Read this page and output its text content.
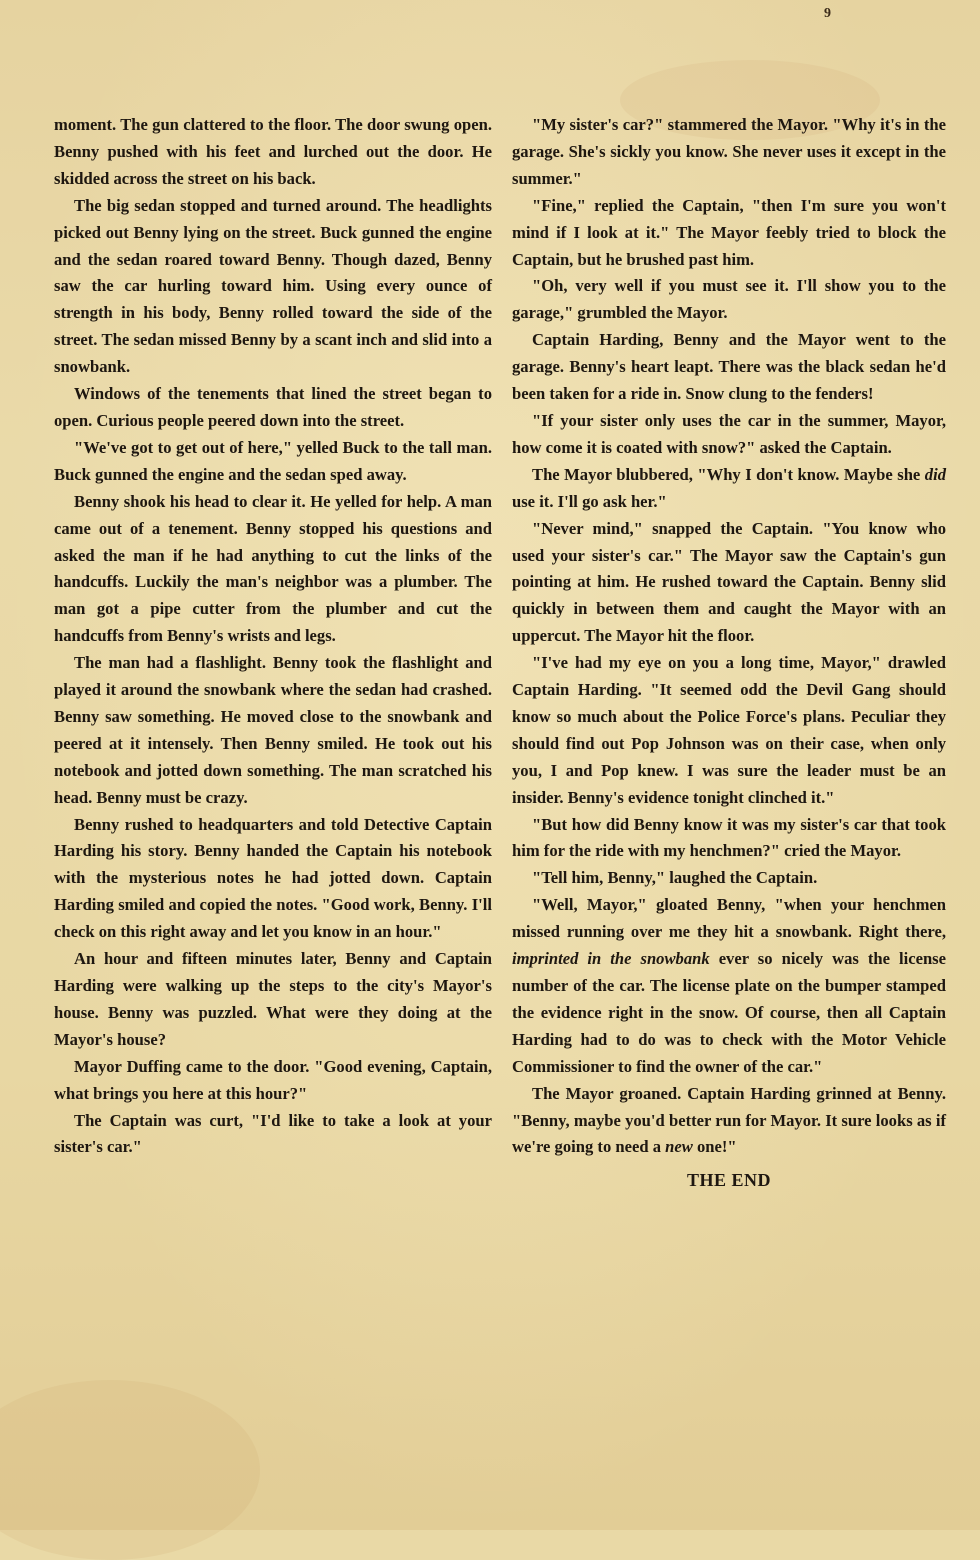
9

moment. The gun clattered to the floor. The door swung open. Benny pushed with his feet and lurched out the door. He skidded across the street on his back.

The big sedan stopped and turned around. The headlights picked out Benny lying on the street. Buck gunned the engine and the sedan roared toward Benny. Though dazed, Benny saw the car hurling toward him. Using every ounce of strength in his body, Benny rolled toward the side of the street. The sedan missed Benny by a scant inch and slid into a snowbank.

Windows of the tenements that lined the street began to open. Curious people peered down into the street.

"We've got to get out of here," yelled Buck to the tall man. Buck gunned the engine and the sedan sped away.

Benny shook his head to clear it. He yelled for help. A man came out of a tenement. Benny stopped his questions and asked the man if he had anything to cut the links of the handcuffs. Luckily the man's neighbor was a plumber. The man got a pipe cutter from the plumber and cut the handcuffs from Benny's wrists and legs.

The man had a flashlight. Benny took the flashlight and played it around the snowbank where the sedan had crashed. Benny saw something. He moved close to the snowbank and peered at it intensely. Then Benny smiled. He took out his notebook and jotted down something. The man scratched his head. Benny must be crazy.

Benny rushed to headquarters and told Detective Captain Harding his story. Benny handed the Captain his notebook with the mysterious notes he had jotted down. Captain Harding smiled and copied the notes. "Good work, Benny. I'll check on this right away and let you know in an hour."

An hour and fifteen minutes later, Benny and Captain Harding were walking up the steps to the city's Mayor's house. Benny was puzzled. What were they doing at the Mayor's house?

Mayor Duffing came to the door. "Good evening, Captain, what brings you here at this hour?"

The Captain was curt, "I'd like to take a look at your sister's car."

"My sister's car?" stammered the Mayor. "Why it's in the garage. She's sickly you know. She never uses it except in the summer."

"Fine," replied the Captain, "then I'm sure you won't mind if I look at it." The Mayor feebly tried to block the Captain, but he brushed past him.

"Oh, very well if you must see it. I'll show you to the garage," grumbled the Mayor.

Captain Harding, Benny and the Mayor went to the garage. Benny's heart leapt. There was the black sedan he'd been taken for a ride in. Snow clung to the fenders!

"If your sister only uses the car in the summer, Mayor, how come it is coated with snow?" asked the Captain.

The Mayor blubbered, "Why I don't know. Maybe she did use it. I'll go ask her."

"Never mind," snapped the Captain. "You know who used your sister's car." The Mayor saw the Captain's gun pointing at him. He rushed toward the Captain. Benny slid quickly in between them and caught the Mayor with an uppercut. The Mayor hit the floor.

"I've had my eye on you a long time, Mayor," drawled Captain Harding. "It seemed odd the Devil Gang should know so much about the Police Force's plans. Peculiar they should find out Pop Johnson was on their case, when only you, I and Pop knew. I was sure the leader must be an insider. Benny's evidence tonight clinched it."

"But how did Benny know it was my sister's car that took him for the ride with my henchmen?" cried the Mayor.

"Tell him, Benny," laughed the Captain.

"Well, Mayor," gloated Benny, "when your henchmen missed running over me they hit a snowbank. Right there, imprinted in the snowbank ever so nicely was the license number of the car. The license plate on the bumper stamped the evidence right in the snow. Of course, then all Captain Harding had to do was to check with the Motor Vehicle Commissioner to find the owner of the car."

The Mayor groaned. Captain Harding grinned at Benny. "Benny, maybe you'd better run for Mayor. It sure looks as if we're going to need a new one!"

THE END
